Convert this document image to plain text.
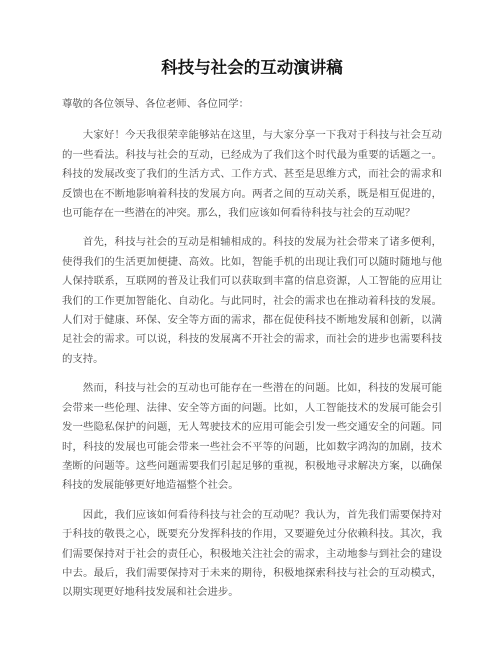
科技与社会的互动演讲稿

尊敬的各位领导、各位老师、各位同学：

大家好！今天我很荣幸能够站在这里，与大家分享一下我对于科技与社会互动的一些看法。科技与社会的互动，已经成为了我们这个时代最为重要的话题之一。科技的发展改变了我们的生活方式、工作方式、甚至是思维方式，而社会的需求和反馈也在不断地影响着科技的发展方向。两者之间的互动关系，既是相互促进的，也可能存在一些潜在的冲突。那么，我们应该如何看待科技与社会的互动呢？

首先，科技与社会的互动是相辅相成的。科技的发展为社会带来了诸多便利，使得我们的生活更加便捷、高效。比如，智能手机的出现让我们可以随时随地与他人保持联系，互联网的普及让我们可以获取到丰富的信息资源，人工智能的应用让我们的工作更加智能化、自动化。与此同时，社会的需求也在推动着科技的发展。人们对于健康、环保、安全等方面的需求，都在促使科技不断地发展和创新，以满足社会的需求。可以说，科技的发展离不开社会的需求，而社会的进步也需要科技的支持。

然而，科技与社会的互动也可能存在一些潜在的问题。比如，科技的发展可能会带来一些伦理、法律、安全等方面的问题。比如，人工智能技术的发展可能会引发一些隐私保护的问题，无人驾驶技术的应用可能会引发一些交通安全的问题。同时，科技的发展也可能会带来一些社会不平等的问题，比如数字鸿沟的加剧，技术垄断的问题等。这些问题需要我们引起足够的重视，积极地寻求解决方案，以确保科技的发展能够更好地造福整个社会。

因此，我们应该如何看待科技与社会的互动呢？我认为，首先我们需要保持对于科技的敬畏之心，既要充分发挥科技的作用，又要避免过分依赖科技。其次，我们需要保持对于社会的责任心，积极地关注社会的需求，主动地参与到社会的建设中去。最后，我们需要保持对于未来的期待，积极地探索科技与社会的互动模式，以期实现更好地科技发展和社会进步。
